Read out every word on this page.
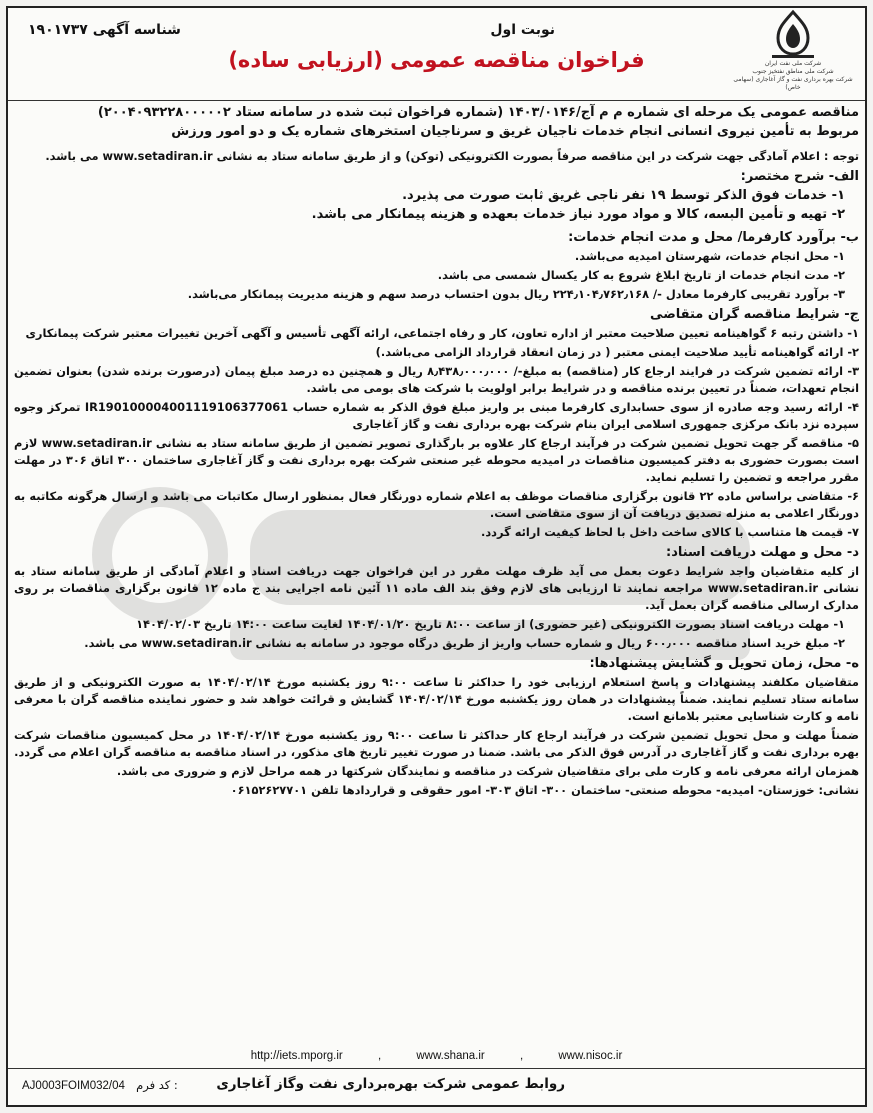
شرکت ملی نفت ایران
شرکت ملی مناطق نفتخیز جنوب
شرکت بهره برداری نفت و گاز آغاجاری (سهامی خاص)
نوبت اول
شناسه آگهی ۱۹۰۱۷۳۷
فراخوان مناقصه عمومی (ارزیابی ساده)

مناقصه عمومی یک مرحله ای شماره م م آج/۱۴۰۳/۰۱۴۶ (شماره فراخوان ثبت شده در سامانه ستاد ۲۰۰۴۰۹۳۲۲۸۰۰۰۰۰۲)

مربوط به تأمین نیروی انسانی انجام خدمات ناجیان غریق و سرناجیان استخرهای شماره یک و دو امور ورزش

توجه : اعلام آمادگی جهت شرکت در این مناقصه صرفاً بصورت الکترونیکی (توکن) و از طریق سامانه ستاد به نشانی www.setadiran.ir می باشد.

الف- شرح مختصر:

۱- خدمات فوق الذکر توسط ۱۹ نفر ناجی غریق ثابت صورت می پذیرد.

۲- تهیه و تأمین البسه، کالا و مواد مورد نیاز خدمات بعهده و هزینه پیمانکار می باشد.

ب- برآورد کارفرما/ محل و مدت انجام خدمات:

۱- محل انجام خدمات، شهرستان امیدیه می‌باشد.

۲- مدت انجام خدمات از تاریخ ابلاغ شروع به کار یکسال شمسی می باشد.

۳- برآورد تقریبی کارفرما معادل -/ ۲۲۴٫۱۰۴٫۷۶۲٫۱۶۸ ریال بدون احتساب درصد سهم و هزینه مدیریت پیمانکار می‌باشد.

ج- شرایط مناقصه گران متقاضی

۱- داشتن رتبه ۶ گواهینامه تعیین صلاحیت معتبر از اداره تعاون، کار و رفاه اجتماعی، ارائه آگهی تأسیس و آگهی آخرین تغییرات معتبر شرکت پیمانکاری

۲- ارائه گواهینامه تأیید صلاحیت ایمنی معتبر ( در زمان انعقاد قرارداد الزامی می‌باشد.)

۳- ارائه تضمین شرکت در فرایند ارجاع کار (مناقصه) به مبلغ-/ ۸٫۴۳۸٫۰۰۰٫۰۰۰ ریال و همچنین ده درصد مبلغ پیمان (درصورت برنده شدن) بعنوان تضمین انجام تعهدات، ضمناً در تعیین برنده مناقصه و در شرایط برابر اولویت با شرکت های بومی می باشد.

۴- ارائه رسید وجه صادره از سوی حسابداری کارفرما مبنی بر واریز مبلغ فوق الذکر به شماره حساب IR190100004001119106377061 تمرکز وجوه سپرده نزد بانک مرکزی جمهوری اسلامی ایران بنام شرکت بهره برداری نفت و گاز آغاجاری

۵- مناقصه گر جهت تحویل تضمین شرکت در فرآیند ارجاع کار علاوه بر بارگذاری تصویر تضمین از طریق سامانه ستاد به نشانی www.setadiran.ir لازم است بصورت حضوری به دفتر کمیسیون مناقصات در امیدیه محوطه غیر صنعتی شرکت بهره برداری نفت و گاز آغاجاری ساختمان ۳۰۰ اتاق ۳۰۶ در مهلت مقرر مراجعه و تضمین را تسلیم نماید.

۶- متقاضی براساس ماده ۲۲ قانون برگزاری مناقصات موظف به اعلام شماره دورنگار فعال بمنظور ارسال مکاتبات می باشد و ارسال هرگونه مکاتبه به دورنگار اعلامی به منزله تصدیق دریافت آن از سوی متقاضی است.

۷- قیمت ها متناسب با کالای ساخت داخل با لحاظ کیفیت ارائه گردد.

د- محل و مهلت دریافت اسناد:

از کلیه متقاضیان واجد شرایط دعوت بعمل می آید ظرف مهلت مقرر در این فراخوان جهت دریافت اسناد و اعلام آمادگی از طریق سامانه ستاد به نشانی www.setadiran.ir مراجعه نمایند تا ارزیابی های لازم وفق بند الف ماده ۱۱ آئین نامه اجرایی بند ج ماده ۱۲ قانون برگزاری مناقصات بر روی مدارک ارسالی مناقصه گران بعمل آید.

۱- مهلت دریافت اسناد بصورت الکترونیکی (غیر حضوری) از ساعت ۸:۰۰ تاریخ ۱۴۰۴/۰۱/۲۰ لغایت ساعت ۱۴:۰۰ تاریخ ۱۴۰۴/۰۲/۰۳

۲- مبلغ خرید اسناد مناقصه ۶۰۰٫۰۰۰ ریال و شماره حساب واریز از طریق درگاه موجود در سامانه به نشانی www.setadiran.ir می باشد.

ه- محل، زمان تحویل و گشایش پیشنهادها:

متقاضیان مکلفند پیشنهادات و پاسخ استعلام ارزیابی خود را حداکثر تا ساعت ۹:۰۰ روز یکشنبه مورخ ۱۴۰۴/۰۲/۱۴ به صورت الکترونیکی و از طریق سامانه ستاد تسلیم نمایند. ضمناً پیشنهادات در همان روز یکشنبه مورخ ۱۴۰۴/۰۲/۱۴ گشایش و قرائت خواهد شد و حضور نماینده مناقصه گران با معرفی نامه و کارت شناسایی معتبر بلامانع است.

ضمناً مهلت و محل تحویل تضمین شرکت در فرآیند ارجاع کار حداکثر تا ساعت ۹:۰۰ روز یکشنبه مورخ ۱۴۰۴/۰۲/۱۴ در محل کمیسیون مناقصات شرکت بهره برداری نفت و گاز آغاجاری در آدرس فوق الذکر می باشد. ضمنا در صورت تغییر تاریخ های مذکور، در اسناد مناقصه به مناقصه گران اعلام می گردد.

همزمان ارائه معرفی نامه و کارت ملی برای متقاضیان شرکت در مناقصه و نمایندگان شرکتها در همه مراحل لازم و ضروری می باشد.

نشانی: خوزستان- امیدیه- محوطه صنعتی- ساختمان ۳۰۰- اتاق ۳۰۳- امور حقوقی و قراردادها تلفن ۰۶۱۵۲۶۲۷۷۰۱

http://iets.mporg.ir	,	www.shana.ir	,	www.nisoc.ir
روابط عمومی شرکت بهره‌برداری نفت وگاز آغاجاری
AJ0003FOIM032/04 کد فرم :
